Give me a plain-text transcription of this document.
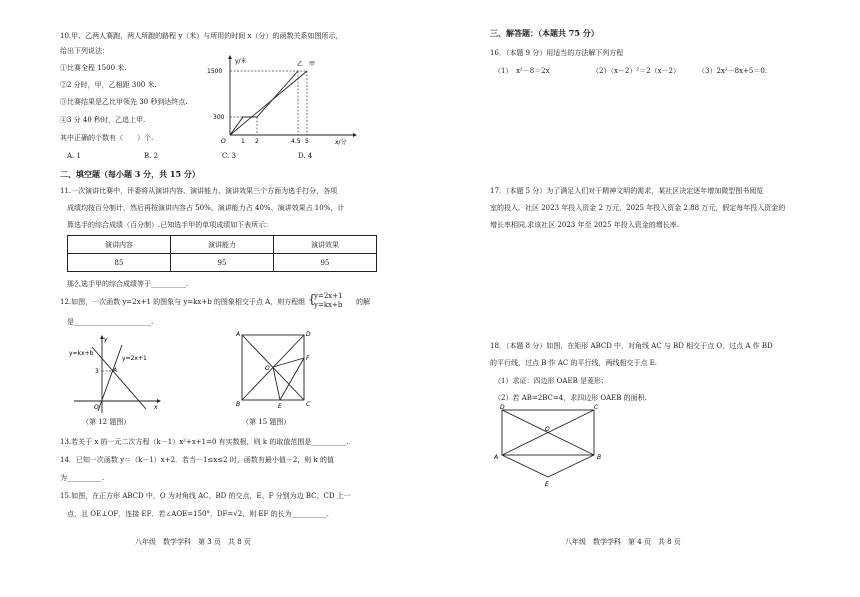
10.甲、乙两人赛跑，两人所跑的路程 y（米）与所用的时间 x（分）的函数关系如图所示，
给出下列说法：
①比赛全程 1500 米.
②2 分时，甲，乙相距 300 米.
③比赛结果是乙比甲领先 30 秒到达终点.
④3 分 40 秒时，乙追上甲.
其中正确的个数有（　　）个.
A. 1	B. 2	C. 3	D. 4
y/米
x/分
O
1500
300
1 2	4.5 5
乙 甲
二、填空题（每小题 3 分，共 15 分）
11.一次演讲比赛中，评委将从演讲内容、演讲能力、演讲效果三个方面为选手打分，各项
成绩均按百分制计，然后再按演讲内容占 50%、演讲能力占 40%、演讲效果占 10%，计
算选手的综合成绩（百分制）.已知选手甲的单项成绩如下表所示：
演讲内容	演讲能力	演讲效果
85	95	95
那么选手甲的综合成绩等于__________.
12.如图，一次函数 y=2x+1 的图象与 y=kx+b 的图象相交于点 A，则方程组 {
y=2x+1
y=kx+b 的解
是______________________.
y=kx+b
y=2x+1
y
x
O
A
3
（第 12 题图）
A	D
B	C
O
E
F
（第 15 题图）
13.若关于 x 的一元二次方程（k－1）x²+x+1=0 有实数根，则 k 的取值范围是__________.
14．已知一次函数 y＝（k－1）x+2．若当－1≤x≤2 时，函数有最小值－2，则 k 的值
为__________.
15.如图，在正方形 ABCD 中，O 为对角线 AC、BD 的交点，E、F 分别为边 BC、CD 上一
点，且 OE⊥OF．连接 EF．若∠AOE=150°，DF=√2，则 EF 的长为__________.
八年级　数学学科　第 3 页　共 8 页
三、解答题：（本题共 75 分）
16．（本题 9 分）用适当的方法解下列方程
（1）　x²－8＝2x	（2）（x－2）²＝2（x－2）	（3）2x²－8x+5＝0.
17．（本题 5 分）为了满足人们对于精神文明的需求，某社区决定逐年增加微型图书阅览
室的投入．社区 2023 年投入资金 2 万元，2025 年投入资金 2.88 万元，假定每年投入资金的
增长率相同,求该社区 2023 年至 2025 年投入资金的增长率.
18．（本题 8 分）如图，在矩形 ABCD 中，对角线 AC 与 BD 相交于点 O，过点 A 作 BD
的平行线，过点 B 作 AC 的平行线，两线相交于点 E.
（1）求证：四边形 OAEB 是菱形；
（2）若 AB=2BC=4，求四边形 OAEB 的面积.
D	C
A	B
O
E
八年级　数学学科　第 4 页　共 8 页
